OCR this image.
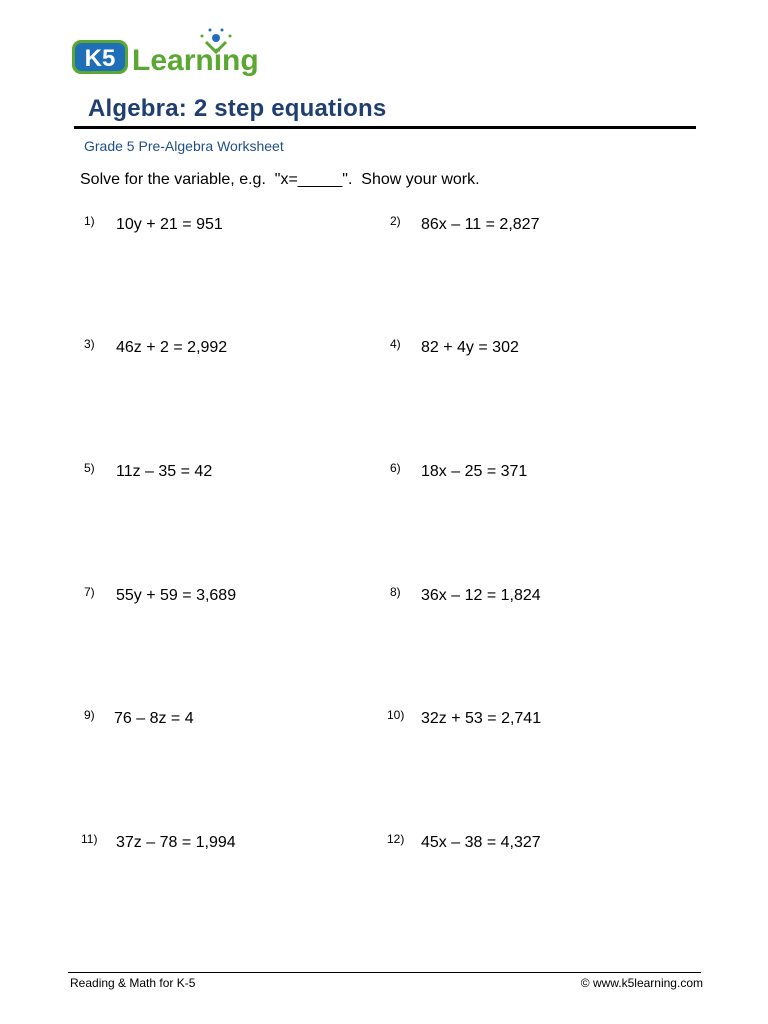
K5 Learning
Algebra: 2 step equations
Grade 5 Pre-Algebra Worksheet
Solve for the variable, e.g.  "x=_____".  Show your work.
1) 10y + 21 = 951	2) 86x – 11 = 2,827
3) 46z + 2 = 2,992	4) 82 + 4y = 302
5) 11z – 35 = 42	6) 18x – 25 = 371
7) 55y + 59 = 3,689	8) 36x – 12 = 1,824
9) 76 – 8z = 4	10) 32z + 53 = 2,741
11) 37z – 78 = 1,994	12) 45x – 38 = 4,327
Reading & Math for K-5	© www.k5learning.com
